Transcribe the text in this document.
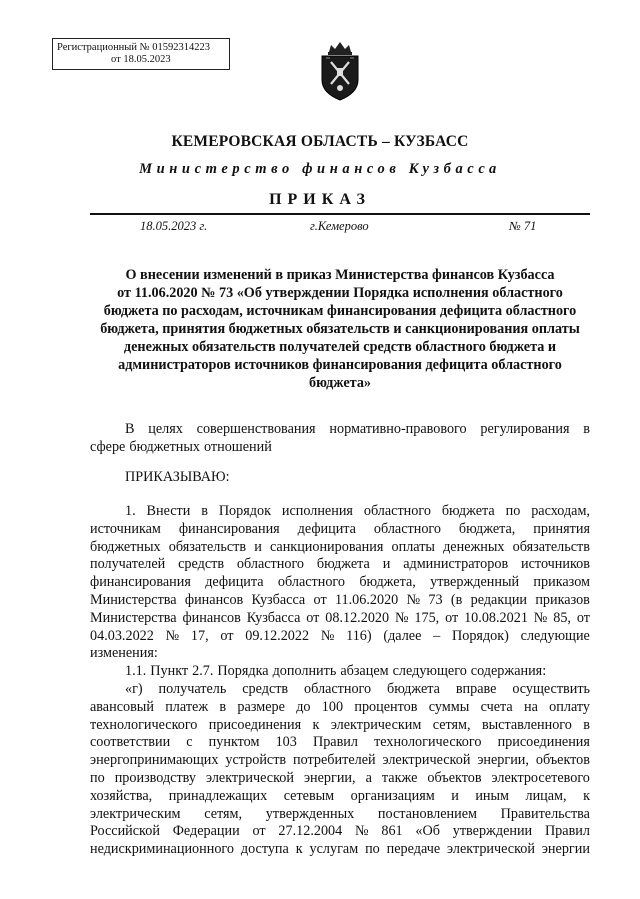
Регистрационный № 01592314223
от 18.05.2023
КЕМЕРОВСКАЯ ОБЛАСТЬ – КУЗБАСС
Министерство финансов Кузбасса
ПРИКАЗ
18.05.2023 г.	г.Кемерово	№ 71
О внесении изменений в приказ Министерства финансов Кузбасса
от 11.06.2020 № 73 «Об утверждении Порядка исполнения областного
бюджета по расходам, источникам финансирования дефицита областного
бюджета, принятия бюджетных обязательств и санкционирования оплаты
денежных обязательств получателей средств областного бюджета и
администраторов источников финансирования дефицита областного
бюджета»
В целях совершенствования нормативно-правового регулирования в
сфере бюджетных отношений
ПРИКАЗЫВАЮ:
1. Внести в Порядок исполнения областного бюджета по расходам,
источникам финансирования дефицита областного бюджета, принятия
бюджетных обязательств и санкционирования оплаты денежных обязательств
получателей средств областного бюджета и администраторов источников
финансирования дефицита областного бюджета, утвержденный приказом
Министерства финансов Кузбасса от 11.06.2020 № 73 (в редакции приказов
Министерства финансов Кузбасса от 08.12.2020 № 175, от 10.08.2021 № 85, от
04.03.2022 № 17, от 09.12.2022 № 116) (далее – Порядок) следующие
изменения:
1.1. Пункт 2.7. Порядка дополнить абзацем следующего содержания:
«г) получатель средств областного бюджета вправе осуществить
авансовый платеж в размере до 100 процентов суммы счета на оплату
технологического присоединения к электрическим сетям, выставленного в
соответствии с пунктом 103 Правил технологического присоединения
энергопринимающих устройств потребителей электрической энергии, объектов
по производству электрической энергии, а также объектов электросетевого
хозяйства, принадлежащих сетевым организациям и иным лицам, к
электрическим сетям, утвержденных постановлением Правительства
Российской Федерации от 27.12.2004 № 861 «Об утверждении Правил
недискриминационного доступа к услугам по передаче электрической энергии
